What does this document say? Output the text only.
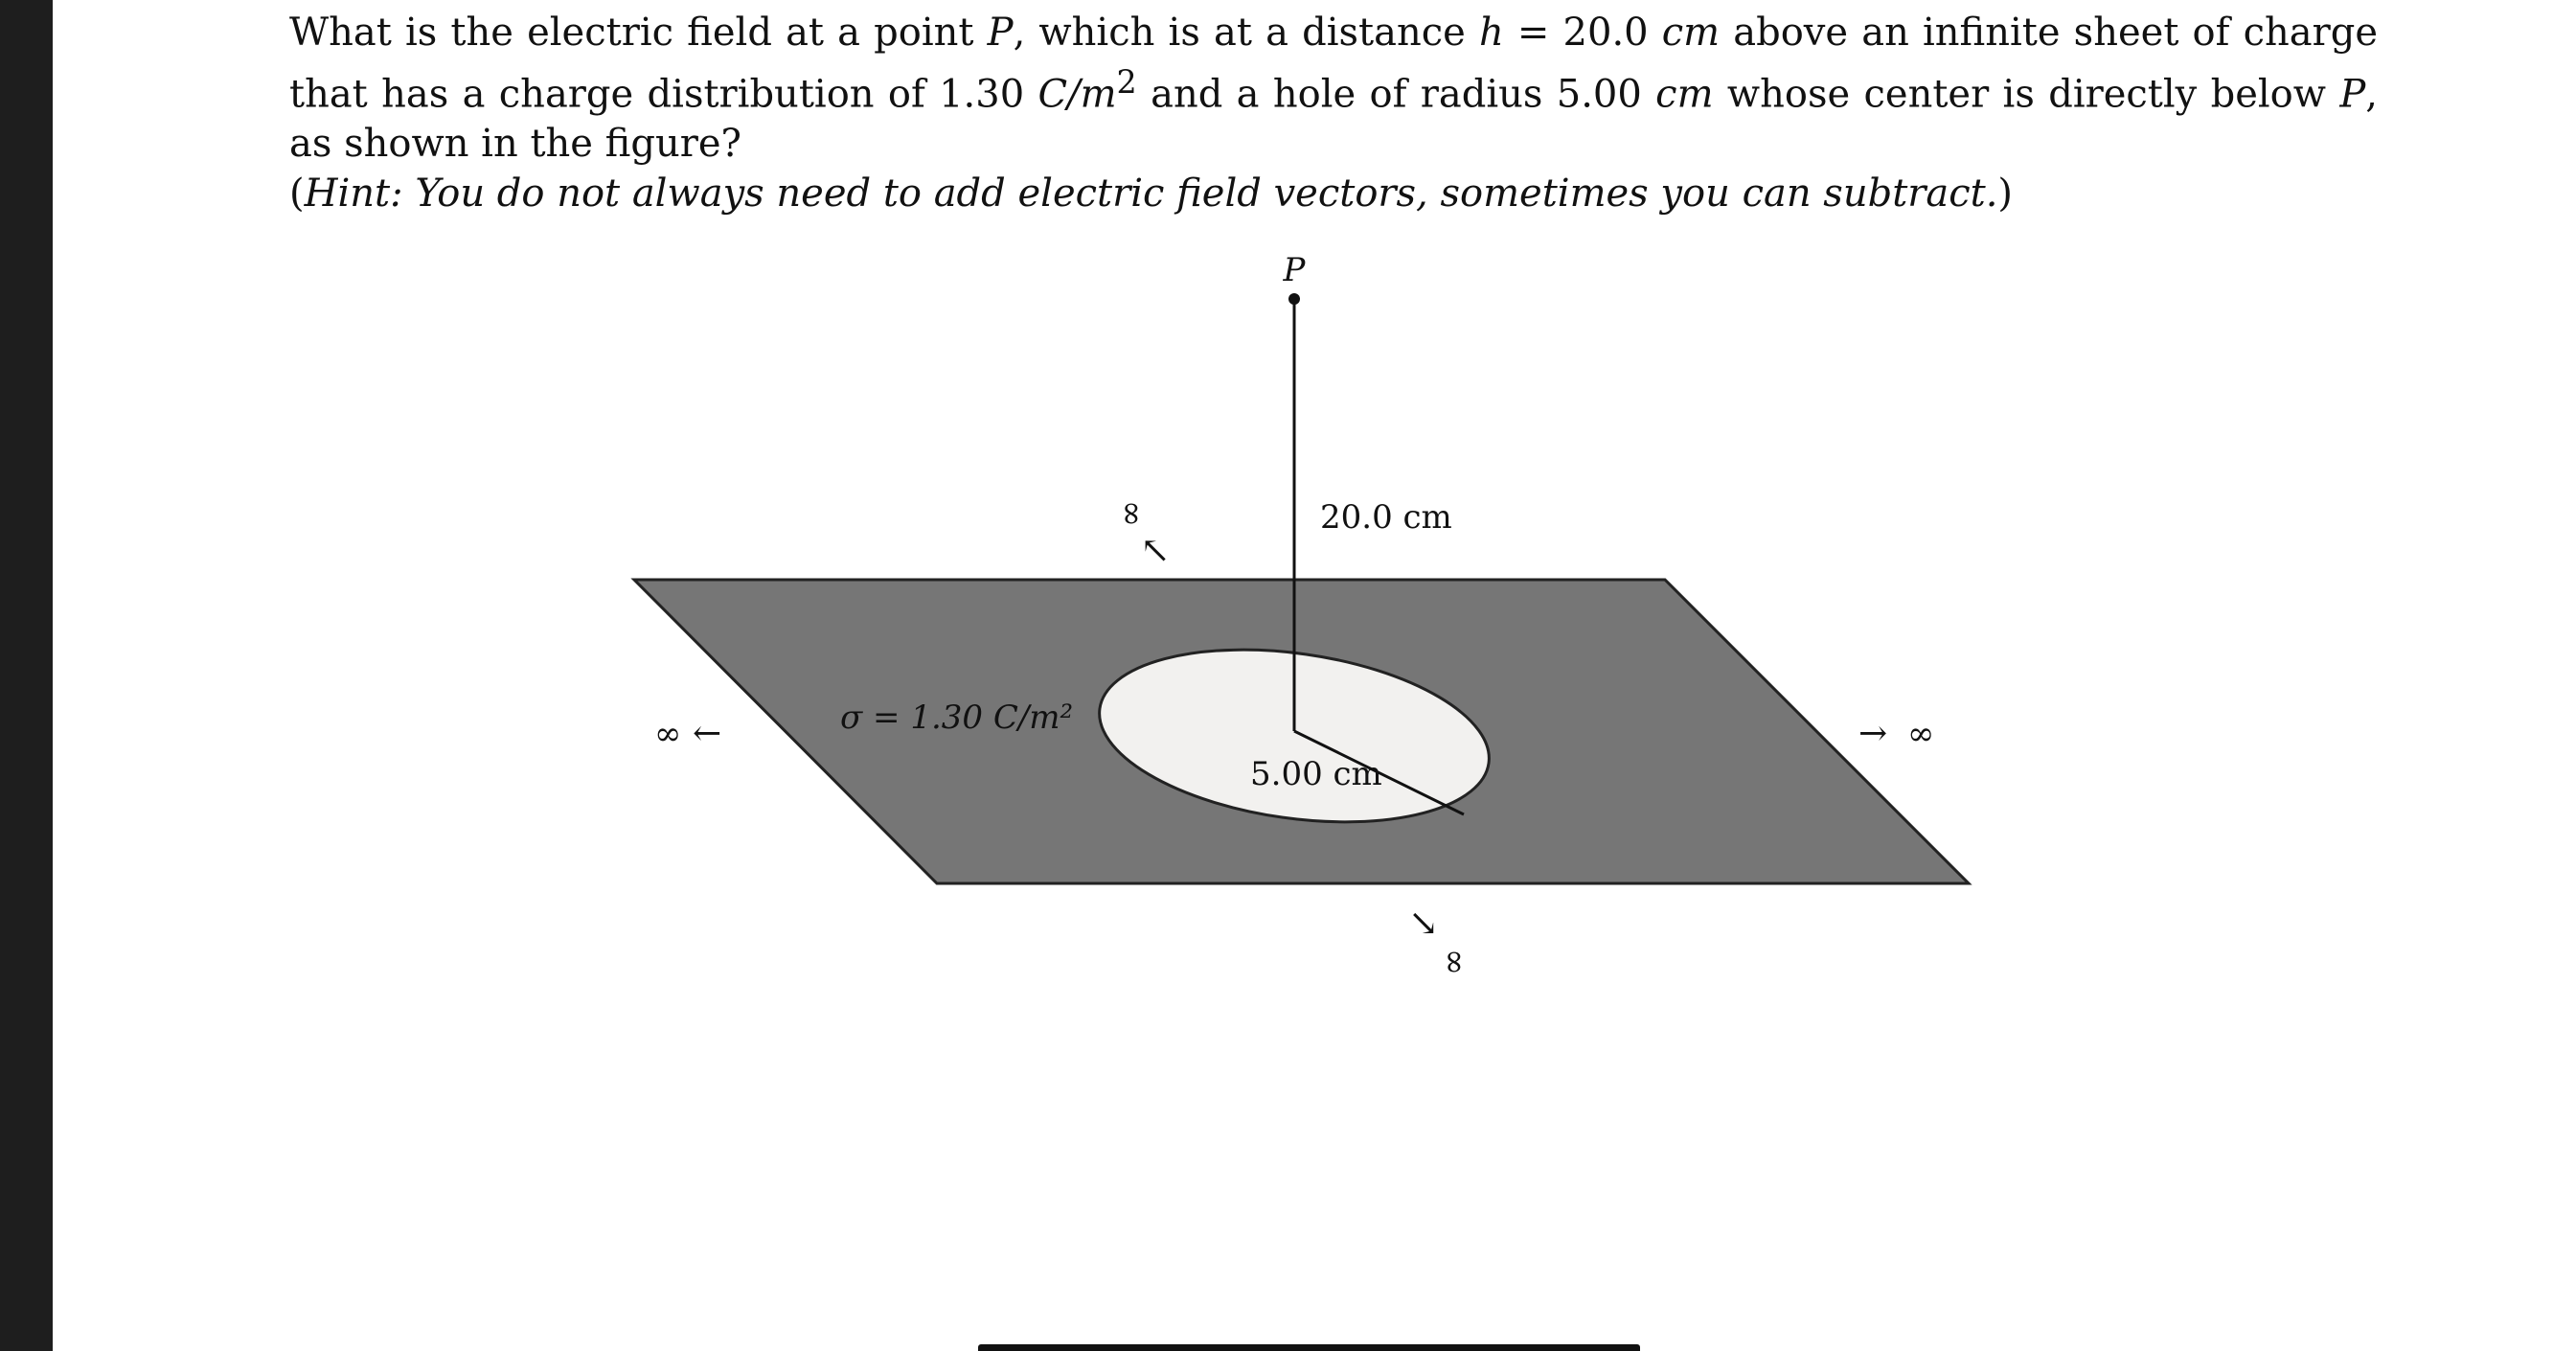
What is the electric field at a point P, which is at a distance h = 20.0 cm above an infinite sheet of charge that has a charge distribution of 1.30 $C/m^2$ and a hole of radius 5.00 cm whose center is directly below P, as shown in the figure?

(Hint: You do not always need to add electric field vectors, sometimes you can subtract.)

P
20.0 cm
5.00 cm
σ = 1.30 C/m²
∞ ←	→ ∞
∞
↖
↘
∞
